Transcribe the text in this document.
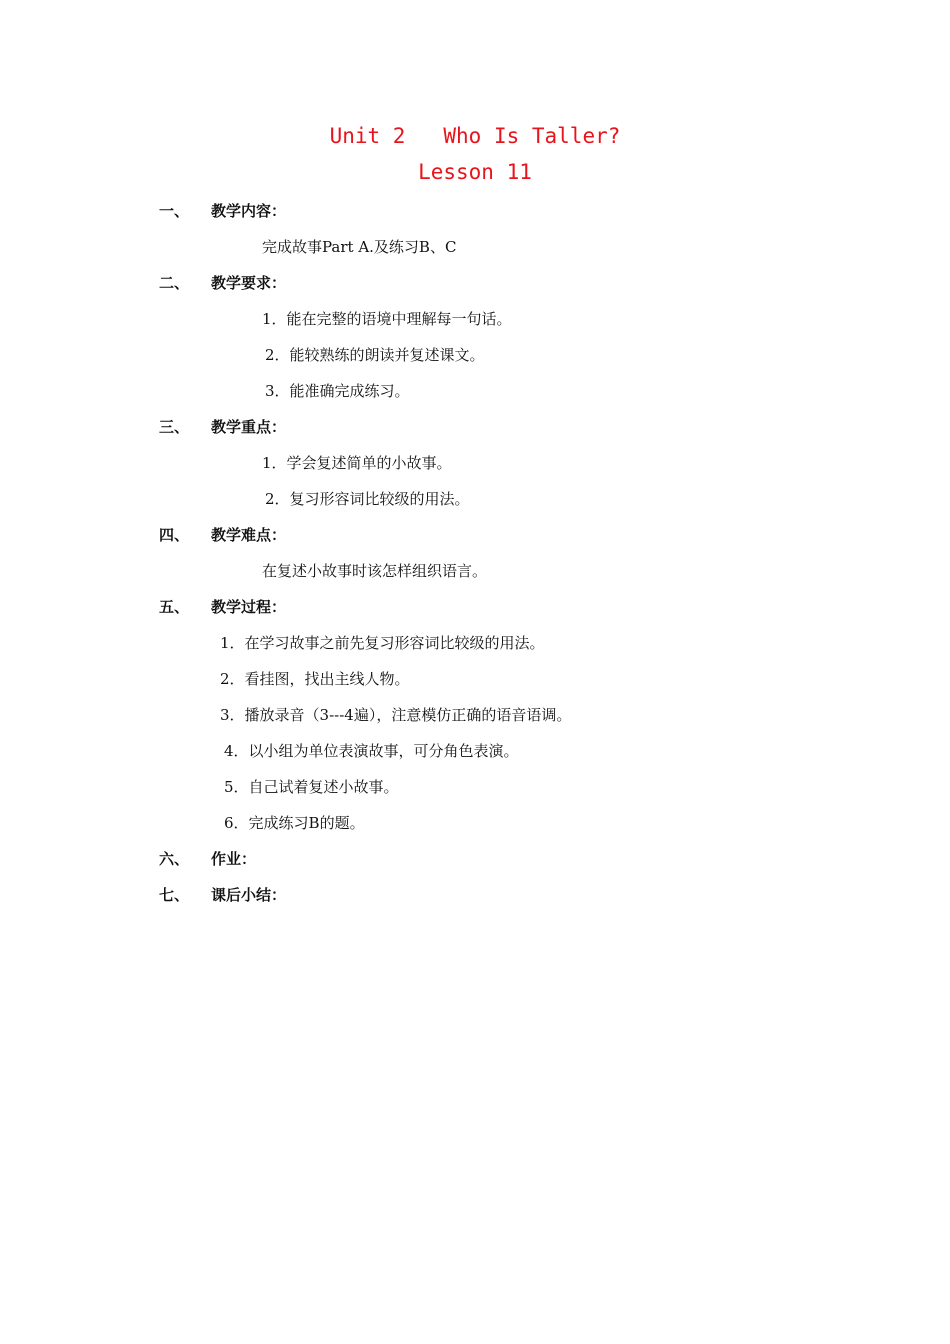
Unit 2   Who Is Taller?
Lesson 11
一、 教学内容：
完成故事Part A.及练习B、C
二、 教学要求：
1．能在完整的语境中理解每一句话。
2．能较熟练的朗读并复述课文。
3．能准确完成练习。
三、 教学重点：
1．学会复述简单的小故事。
2．复习形容词比较级的用法。
四、 教学难点：
在复述小故事时该怎样组织语言。
五、 教学过程：
1．在学习故事之前先复习形容词比较级的用法。
2．看挂图，找出主线人物。
3．播放录音（3---4遍），注意模仿正确的语音语调。
4．以小组为单位表演故事，可分角色表演。
5．自己试着复述小故事。
6．完成练习B的题。
六、 作业：
七、 课后小结：
